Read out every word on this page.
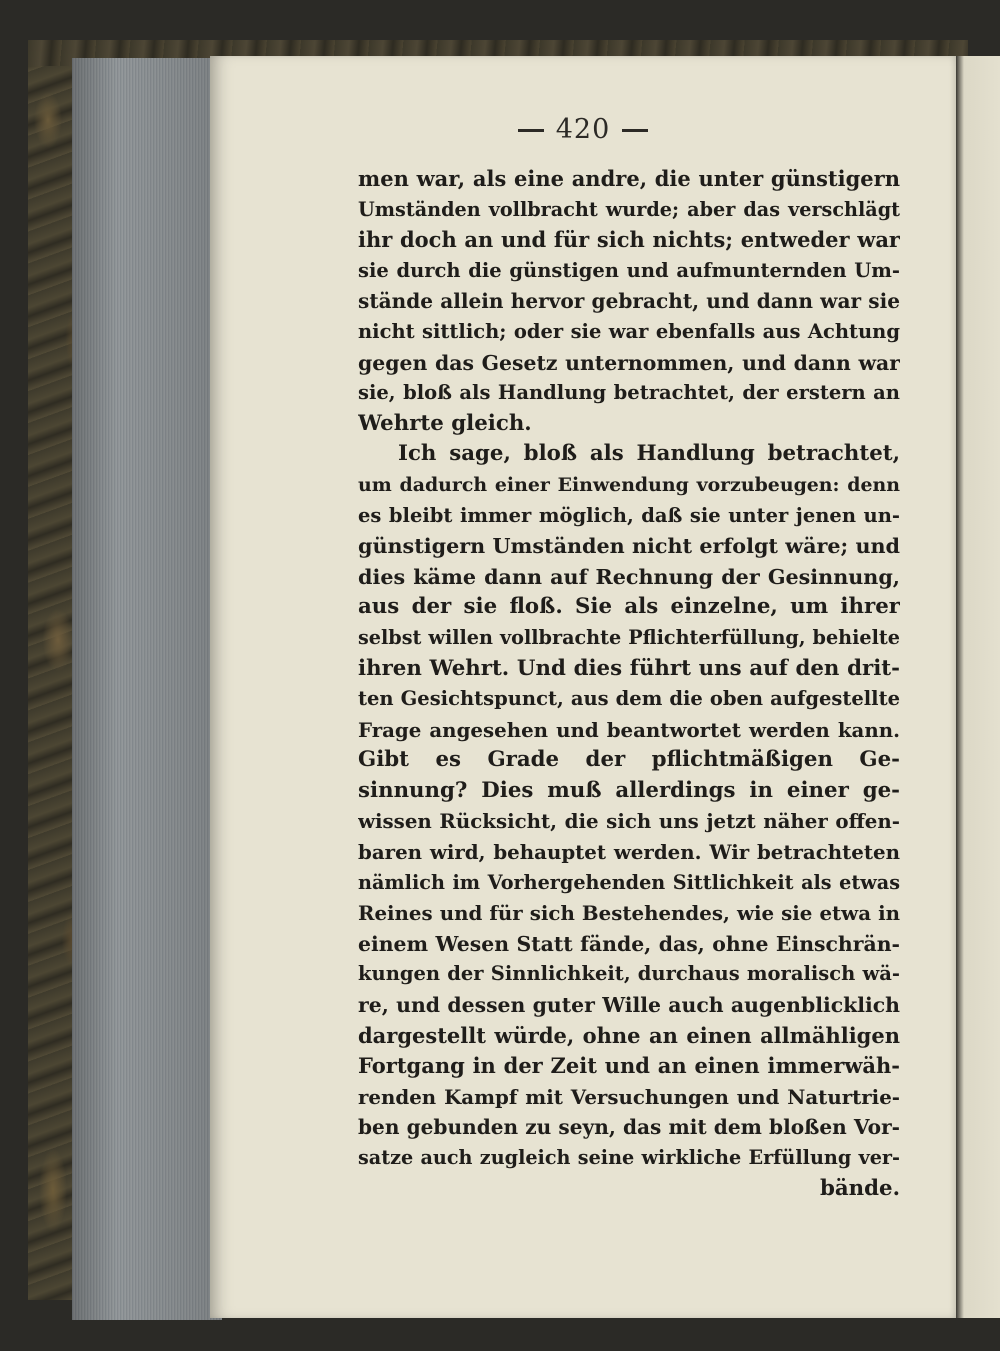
420
men war, als eine andre, die unter günstigern
Umständen vollbracht wurde; aber das verschlägt
ihr doch an und für sich nichts; entweder war
sie durch die günstigen und aufmunternden Um-
stände allein hervor gebracht, und dann war sie
nicht sittlich; oder sie war ebenfalls aus Achtung
gegen das Gesetz unternommen, und dann war
sie, bloß als Handlung betrachtet, der erstern an
Wehrte gleich.
Ich sage, bloß als Handlung betrachtet,
um dadurch einer Einwendung vorzubeugen: denn
es bleibt immer möglich, daß sie unter jenen un-
günstigern Umständen nicht erfolgt wäre; und
dies käme dann auf Rechnung der Gesinnung,
aus der sie floß. Sie als einzelne, um ihrer
selbst willen vollbrachte Pflichterfüllung, behielte
ihren Wehrt. Und dies führt uns auf den drit-
ten Gesichtspunct, aus dem die oben aufgestellte
Frage angesehen und beantwortet werden kann.
Gibt es Grade der pflichtmäßigen Ge-
sinnung? Dies muß allerdings in einer ge-
wissen Rücksicht, die sich uns jetzt näher offen-
baren wird, behauptet werden. Wir betrachteten
nämlich im Vorhergehenden Sittlichkeit als etwas
Reines und für sich Bestehendes, wie sie etwa in
einem Wesen Statt fände, das, ohne Einschrän-
kungen der Sinnlichkeit, durchaus moralisch wä-
re, und dessen guter Wille auch augenblicklich
dargestellt würde, ohne an einen allmähligen
Fortgang in der Zeit und an einen immerwäh-
renden Kampf mit Versuchungen und Naturtrie-
ben gebunden zu seyn, das mit dem bloßen Vor-
satze auch zugleich seine wirkliche Erfüllung ver-
bände.
